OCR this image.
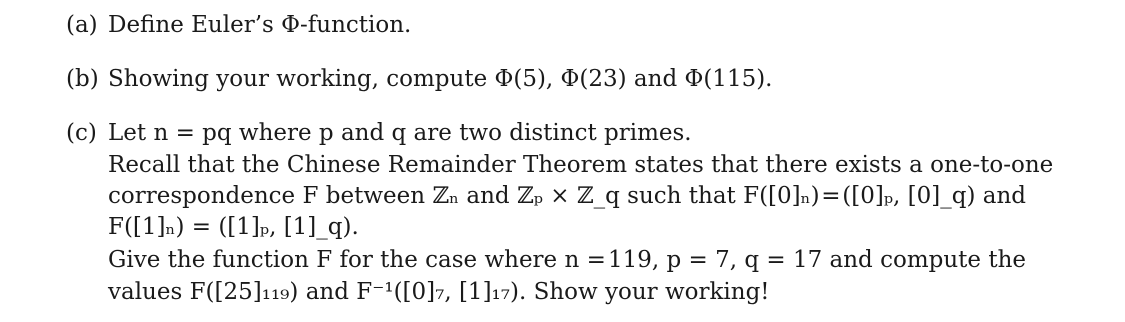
(a) Define Euler’s Φ-function.
(b) Showing your working, compute Φ(5), Φ(23) and Φ(115).
(c) Let n = pq where p and q are two distinct primes.
Recall that the Chinese Remainder Theorem states that there exists a one-to-one
correspondence F between ℤₙ and ℤₚ × ℤ_q such that F([0]ₙ) = ([0]ₚ, [0]_q) and
F([1]ₙ) = ([1]ₚ, [1]_q).
Give the function F for the case where n = 119, p = 7, q = 17 and compute the
values F([25]₁₁₉) and F⁻¹([0]₇, [1]₁₇). Show your working!
